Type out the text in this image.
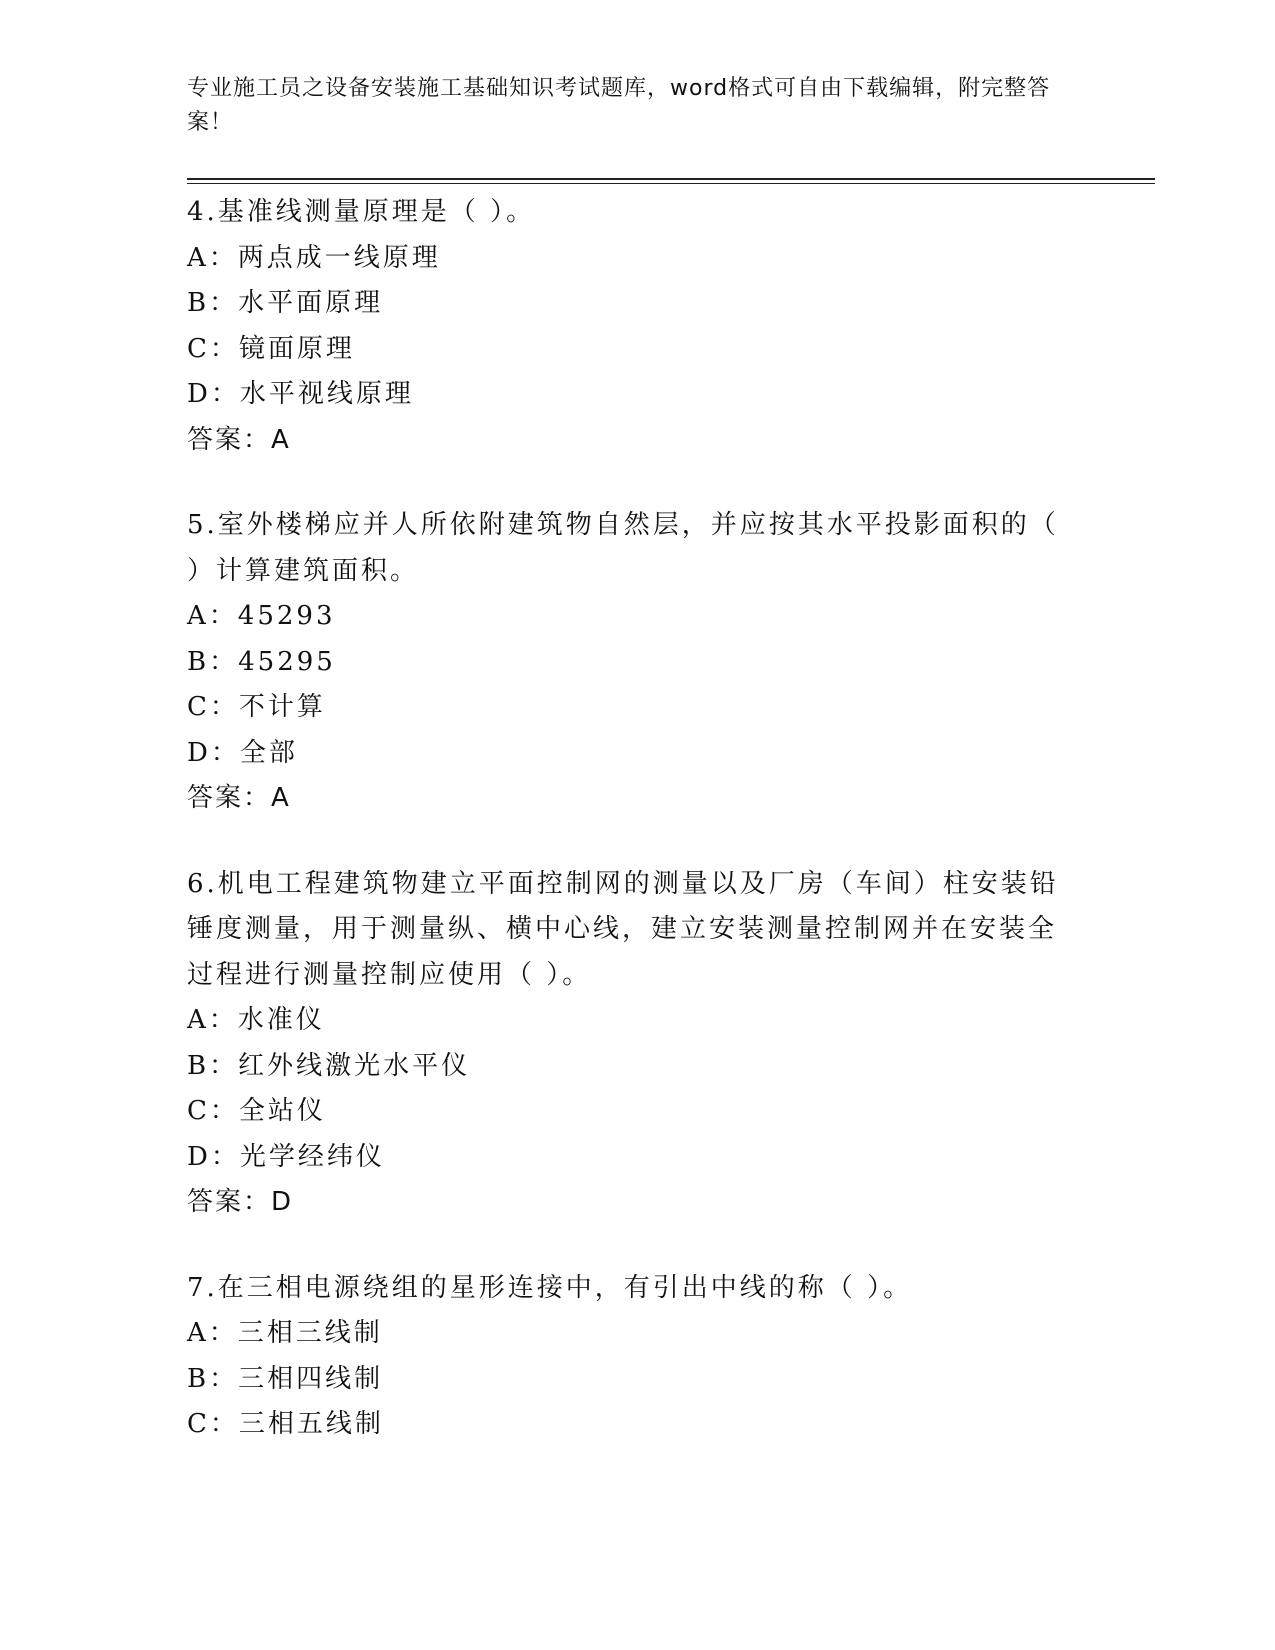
专业施工员之设备安装施工基础知识考试题库，word格式可自由下载编辑，附完整答案！
4.基准线测量原理是（ ）。
A：两点成一线原理
B：水平面原理
C：镜面原理
D：水平视线原理
答案：A
5.室外楼梯应并人所依附建筑物自然层，并应按其水平投影面积的（ ）计算建筑面积。
A：45293
B：45295
C：不计算
D：全部
答案：A
6.机电工程建筑物建立平面控制网的测量以及厂房（车间）柱安装铅锤度测量，用于测量纵、横中心线，建立安装测量控制网并在安装全过程进行测量控制应使用（ ）。
A：水准仪
B：红外线激光水平仪
C：全站仪
D：光学经纬仪
答案：D
7.在三相电源绕组的星形连接中，有引出中线的称（ ）。
A：三相三线制
B：三相四线制
C：三相五线制
